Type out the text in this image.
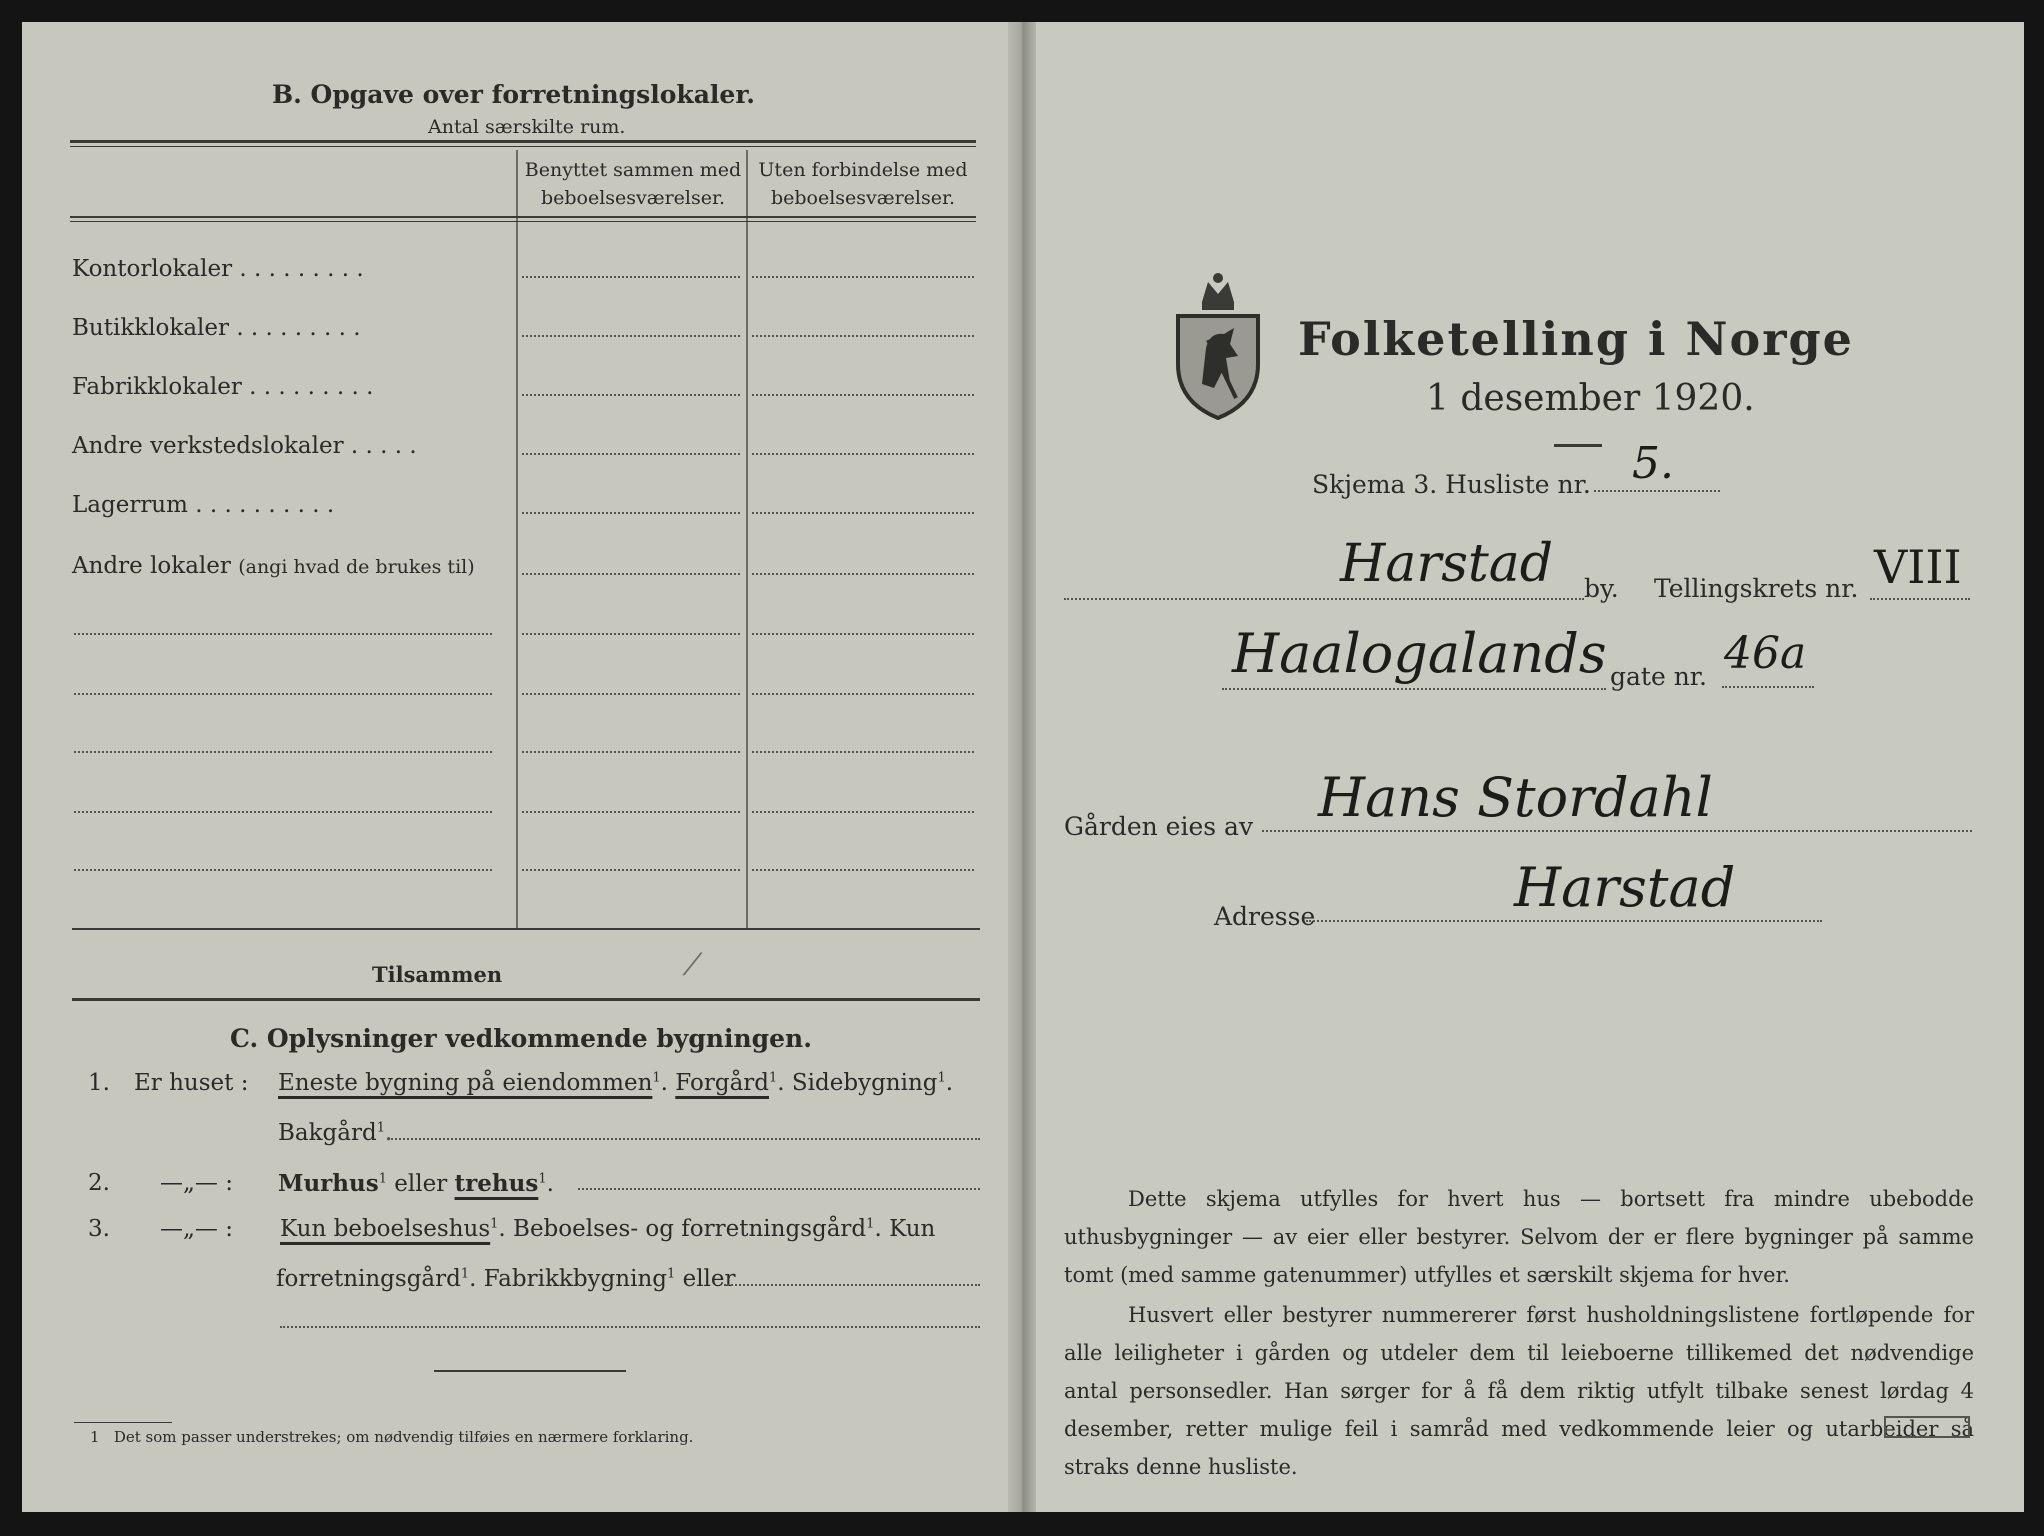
B. Opgave over forretningslokaler.
Antal særskilte rum.
Benyttet sammen med
beboelsesværelser.
Uten forbindelse med
beboelsesværelser.
Kontorlokaler . . . . . . . . .
Butikklokaler . . . . . . . . .
Fabrikklokaler . . . . . . . . .
Andre verkstedslokaler . . . . .
Lagerrum . . . . . . . . . .
Andre lokaler (angi hvad de brukes til)
Tilsammen	⁄
C. Oplysninger vedkommende bygningen.
1. Er huset : Eneste bygning på eiendommen$^1$. Forgård$^1$. Sidebygning$^1$.
Bakgård$^1$.
2. —„— : Murhus$^1$ eller trehus$^1$.
3. —„— : Kun beboelseshus$^1$. Beboelses- og forretningsgård$^1$. Kun
forretningsgård$^1$. Fabrikkbygning$^1$ eller
1 Det som passer understrekes; om nødvendig tilføies en nærmere forklaring.
Folketelling i Norge
1 desember 1920.
Skjema 3. Husliste nr. 5.
Harstad by. Tellingskrets nr. VIII
Haalogalands gate nr. 46a
Gården eies av Hans Stordahl
Adresse	Harstad
Dette skjema utfylles for hvert hus — bortsett fra mindre ubebodde uthusbygninger — av eier eller bestyrer. Selvom der er flere bygninger på samme tomt (med samme gatenummer) utfylles et særskilt skjema for hver.
Husvert eller bestyrer nummererer først husholdningslistene fortløpende for alle leiligheter i gården og utdeler dem til leieboerne tillikemed det nødvendige antal personsedler. Han sørger for å få dem riktig utfylt tilbake senest lørdag 4 desember, retter mulige feil i samråd med vedkommende leier og utarbeider så straks denne husliste.
